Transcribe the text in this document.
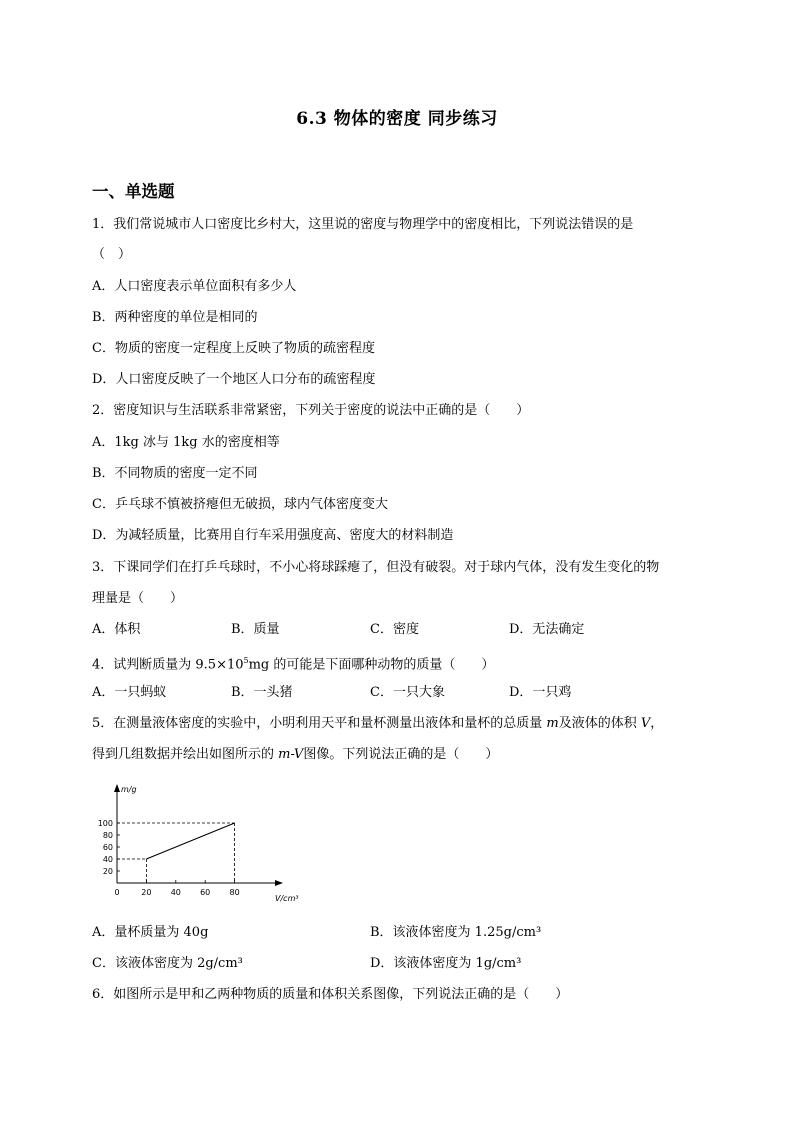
6.3 物体的密度 同步练习
一、单选题
1．我们常说城市人口密度比乡村大，这里说的密度与物理学中的密度相比，下列说法错误的是
（　）
A．人口密度表示单位面积有多少人
B．两种密度的单位是相同的
C．物质的密度一定程度上反映了物质的疏密程度
D．人口密度反映了一个地区人口分布的疏密程度
2．密度知识与生活联系非常紧密，下列关于密度的说法中正确的是（　　）
A．1kg 冰与 1kg 水的密度相等
B．不同物质的密度一定不同
C．乒乓球不慎被挤瘪但无破损，球内气体密度变大
D．为减轻质量，比赛用自行车采用强度高、密度大的材料制造
3．下课同学们在打乒乓球时，不小心将球踩瘪了，但没有破裂。对于球内气体，没有发生变化的物
理量是（　　）
A．体积	B．质量	C．密度	D．无法确定
4．试判断质量为 $9.5\times 10^5mg$ 的可能是下面哪种动物的质量（　　）
A．一只蚂蚁	B．一头猪	C．一只大象	D．一只鸡
5．在测量液体密度的实验中，小明利用天平和量杯测量出液体和量杯的总质量 m及液体的体积 V，
得到几组数据并绘出如图所示的 m-V图像。下列说法正确的是（　　）
m/g
V/cm³
0	20 40 60 80
20
40
60
80
100
A．量杯质量为 40g	B．该液体密度为 1.25g/cm³
C．该液体密度为 2g/cm³	D．该液体密度为 1g/cm³
6．如图所示是甲和乙两种物质的质量和体积关系图像，下列说法正确的是（　　）
